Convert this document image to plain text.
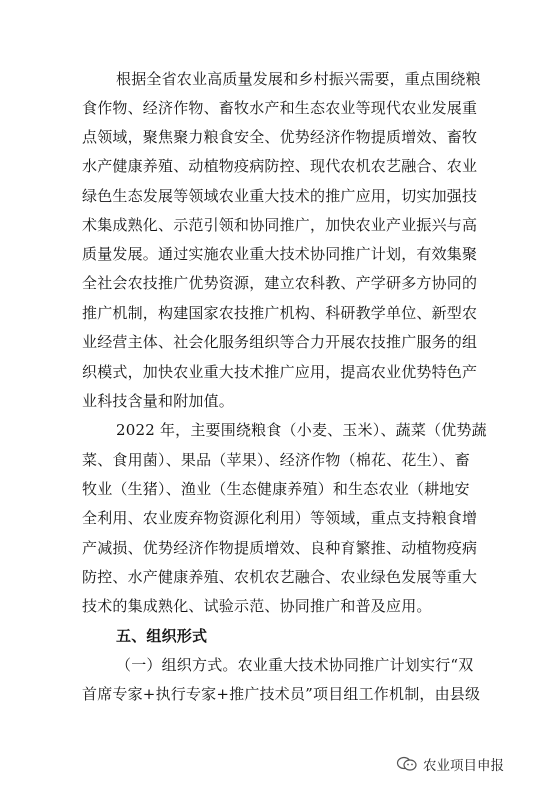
根据全省农业高质量发展和乡村振兴需要，重点围绕粮
食作物、经济作物、畜牧水产和生态农业等现代农业发展重
点领域，聚焦聚力粮食安全、优势经济作物提质增效、畜牧
水产健康养殖、动植物疫病防控、现代农机农艺融合、农业
绿色生态发展等领域农业重大技术的推广应用，切实加强技
术集成熟化、示范引领和协同推广，加快农业产业振兴与高
质量发展。通过实施农业重大技术协同推广计划，有效集聚
全社会农技推广优势资源，建立农科教、产学研多方协同的
推广机制，构建国家农技推广机构、科研教学单位、新型农
业经营主体、社会化服务组织等合力开展农技推广服务的组
织模式，加快农业重大技术推广应用，提高农业优势特色产
业科技含量和附加值。
2022 年，主要围绕粮食（小麦、玉米）、蔬菜（优势蔬
菜、食用菌）、果品（苹果）、经济作物（棉花、花生）、畜
牧业（生猪）、渔业（生态健康养殖）和生态农业（耕地安
全利用、农业废弃物资源化利用）等领域，重点支持粮食增
产减损、优势经济作物提质增效、良种育繁推、动植物疫病
防控、水产健康养殖、农机农艺融合、农业绿色发展等重大
技术的集成熟化、试验示范、协同推广和普及应用。
五、组织形式
（一）组织方式。农业重大技术协同推广计划实行“双
首席专家+执行专家+推广技术员”项目组工作机制，由县级
农业项目申报
